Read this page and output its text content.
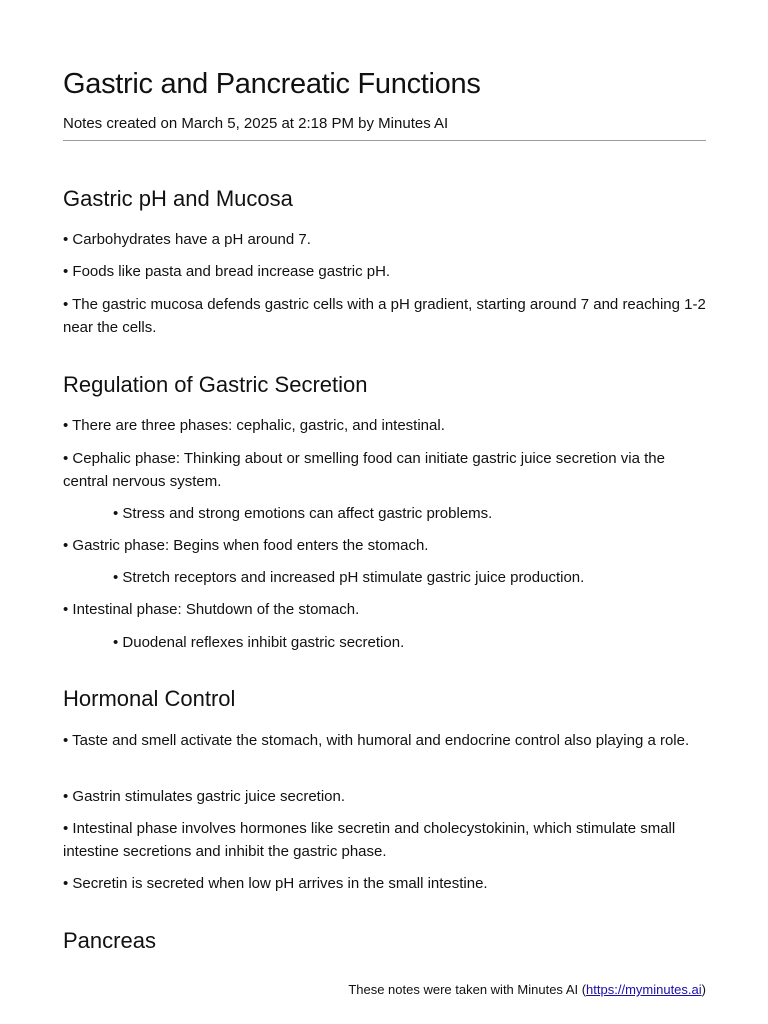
Gastric and Pancreatic Functions
Notes created on March 5, 2025 at 2:18 PM by Minutes AI
Gastric pH and Mucosa

• Carbohydrates have a pH around 7.

• Foods like pasta and bread increase gastric pH.

• The gastric mucosa defends gastric cells with a pH gradient, starting around 7 and reaching 1-2 near the cells.

Regulation of Gastric Secretion

• There are three phases: cephalic, gastric, and intestinal.

• Cephalic phase: Thinking about or smelling food can initiate gastric juice secretion via the central nervous system.

• Stress and strong emotions can affect gastric problems.

• Gastric phase: Begins when food enters the stomach.

• Stretch receptors and increased pH stimulate gastric juice production.

• Intestinal phase: Shutdown of the stomach.

• Duodenal reflexes inhibit gastric secretion.

Hormonal Control

• Taste and smell activate the stomach, with humoral and endocrine control also playing a role.

• Gastrin stimulates gastric juice secretion.

• Intestinal phase involves hormones like secretin and cholecystokinin, which stimulate small intestine secretions and inhibit the gastric phase.

• Secretin is secreted when low pH arrives in the small intestine.

Pancreas
These notes were taken with Minutes AI (https://myminutes.ai)
